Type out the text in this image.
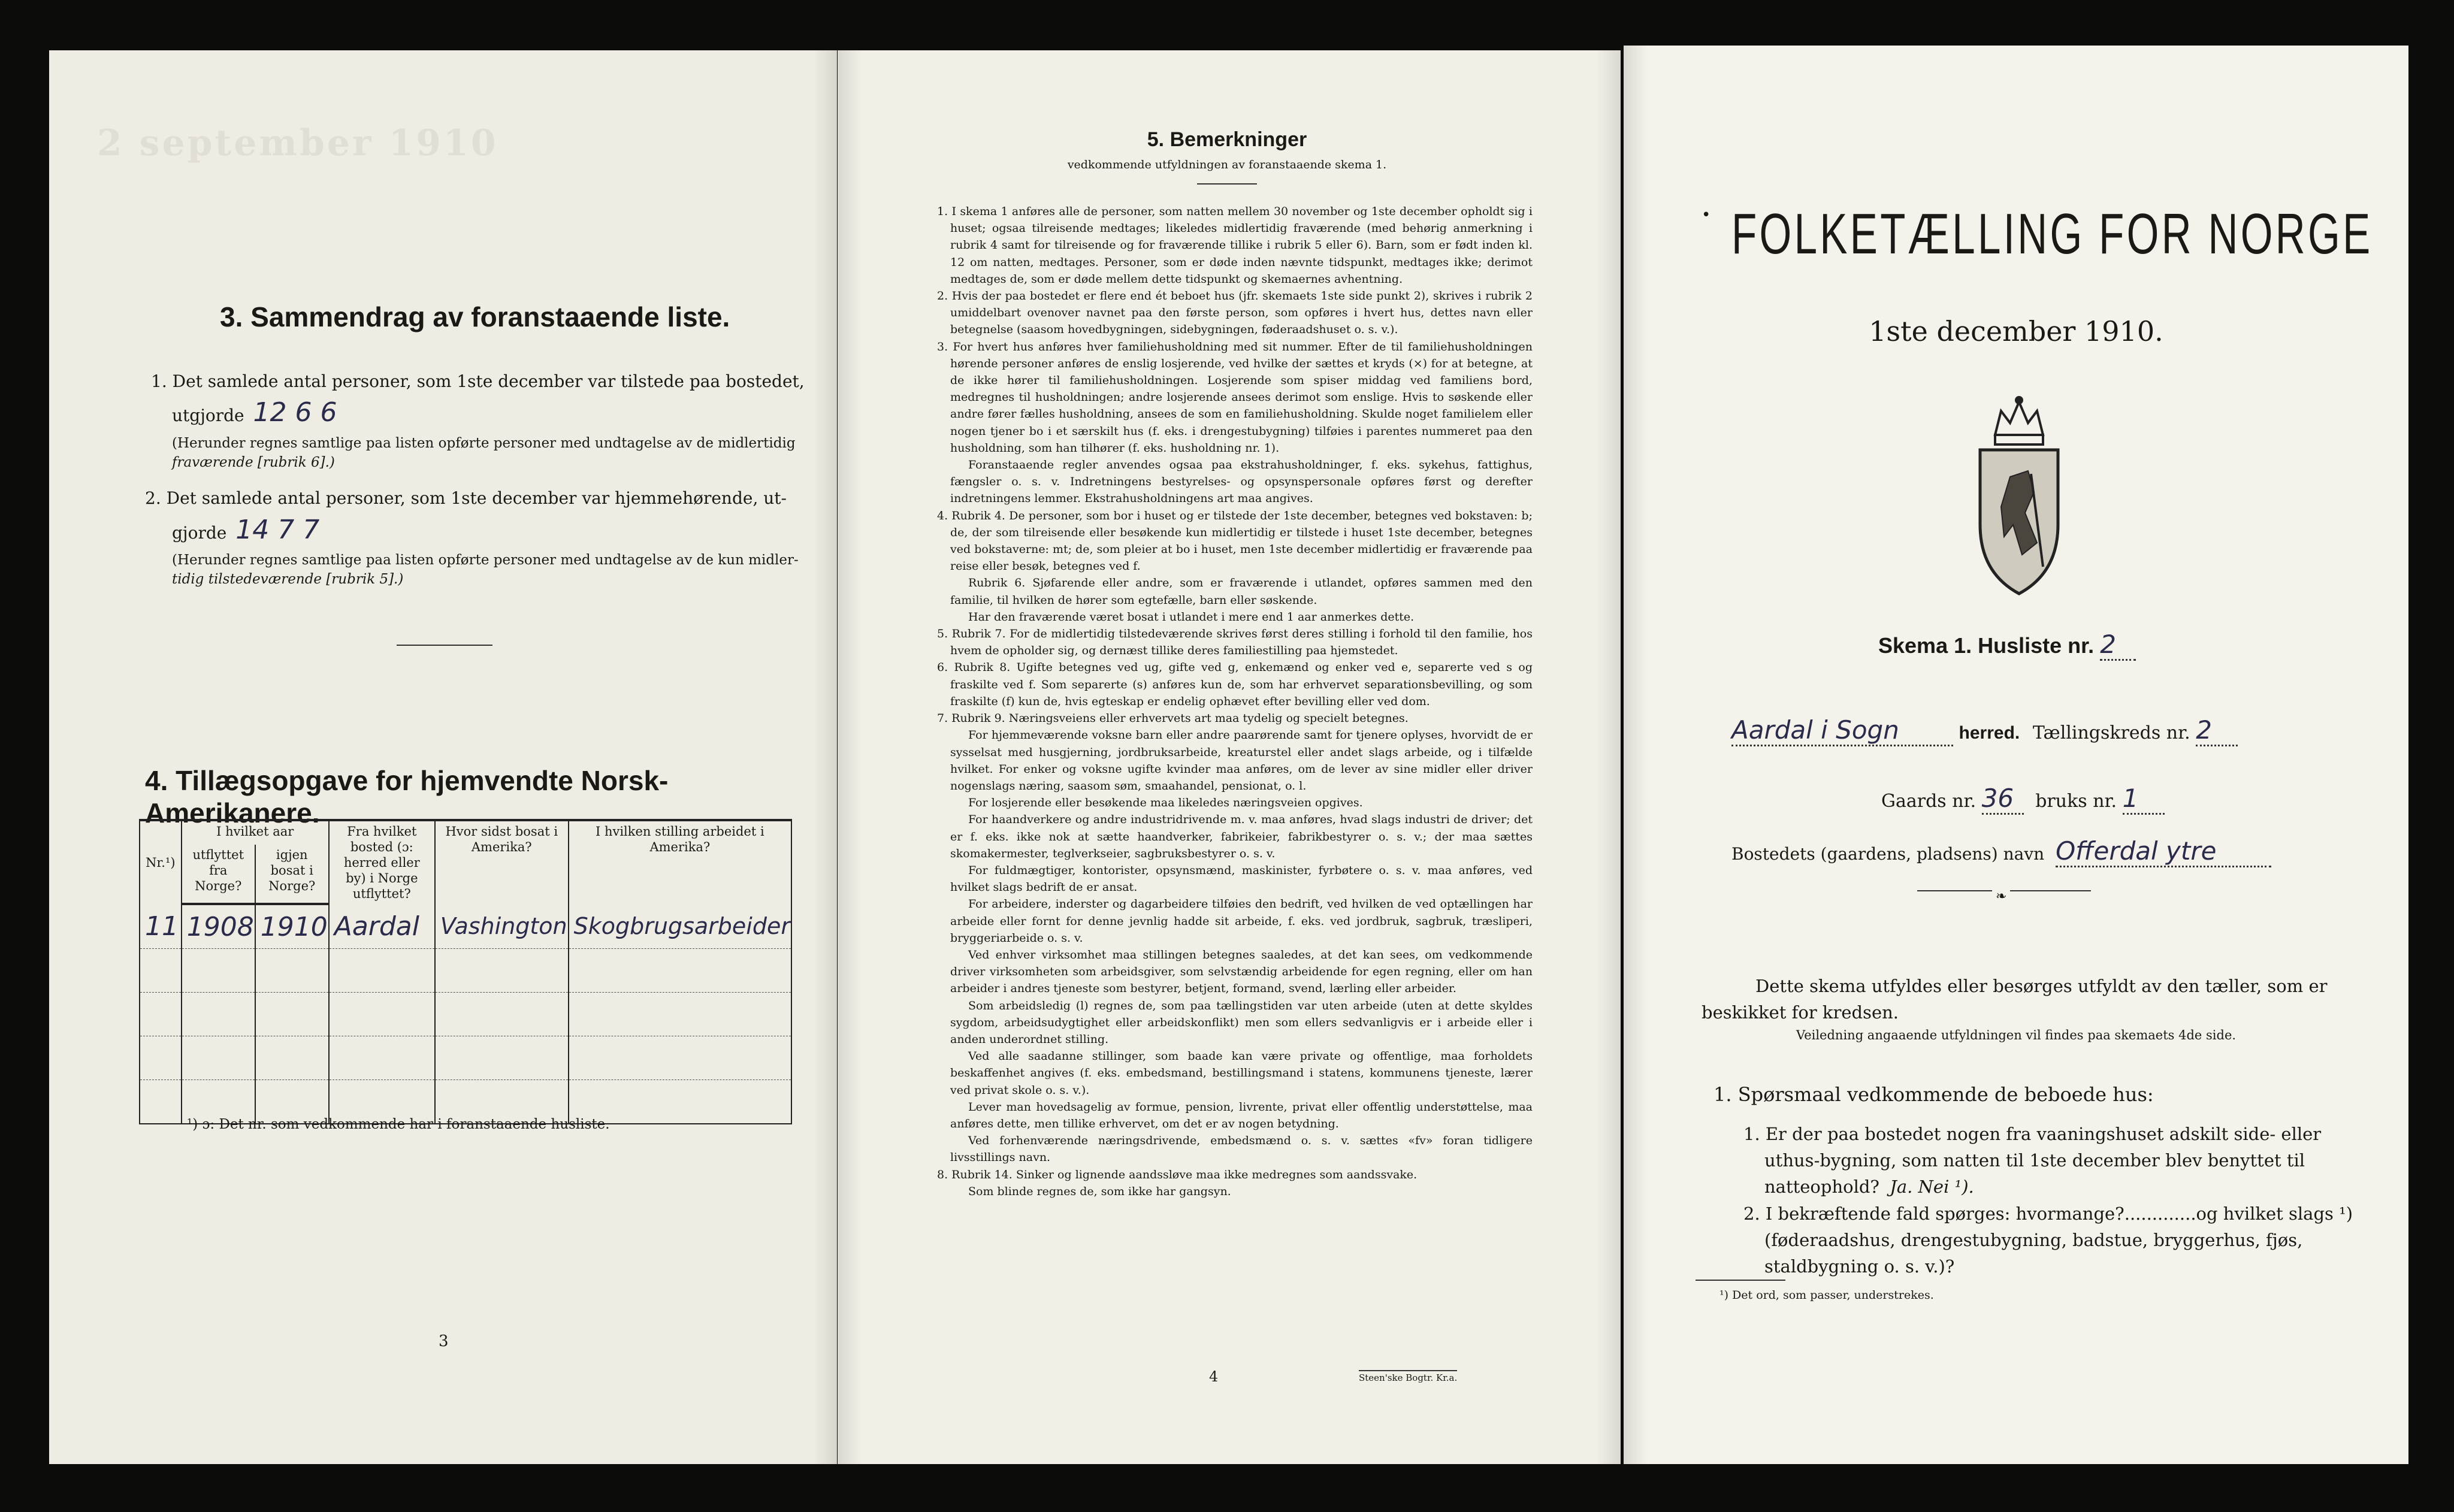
2 september 1910
3. Sammendrag av foranstaaende liste.
1. Det samlede antal personer, som 1ste december var tilstede paa bostedet,
utgjorde 12 6 6
(Herunder regnes samtlige paa listen opførte personer med undtagelse av de midlertidig
fraværende [rubrik 6].)
2. Det samlede antal personer, som 1ste december var hjemmehørende, ut-
gjorde 14 7 7
(Herunder regnes samtlige paa listen opførte personer med undtagelse av de kun midler-
tidig tilstedeværende [rubrik 5].)
4. Tillægsopgave for hjemvendte Norsk-Amerikanere.
Nr.¹)	I hvilket aar		Fra hvilket bosted (ɔ: herred eller by) i Norge utflyttet?	Hvor sidst bosat i Amerika?	I hvilken stilling arbeidet i Amerika?
	utflyttet fra Norge?	igjen bosat i Norge?			
11	1908	1910	Aardal	Vashington	Skogbrugsarbeider

¹) ɔ: Det nr. som vedkommende har i foranstaaende husliste.
3
5. Bemerkninger
vedkommende utfyldningen av foranstaaende skema 1.

1. I skema 1 anføres alle de personer, som natten mellem 30 november og 1ste december opholdt sig i huset; ogsaa tilreisende medtages; likeledes midlertidig fraværende (med behørig anmerkning i rubrik 4 samt for tilreisende og for fraværende tillike i rubrik 5 eller 6). Barn, som er født inden kl. 12 om natten, medtages. Personer, som er døde inden nævnte tidspunkt, medtages ikke; derimot medtages de, som er døde mellem dette tidspunkt og skemaernes avhentning.

2. Hvis der paa bostedet er flere end ét beboet hus (jfr. skemaets 1ste side punkt 2), skrives i rubrik 2 umiddelbart ovenover navnet paa den første person, som opføres i hvert hus, dettes navn eller betegnelse (saasom hovedbygningen, sidebygningen, føderaadshuset o. s. v.).

3. For hvert hus anføres hver familiehusholdning med sit nummer. Efter de til familiehusholdningen hørende personer anføres de enslig losjerende, ved hvilke der sættes et kryds (×) for at betegne, at de ikke hører til familiehusholdningen. Losjerende som spiser middag ved familiens bord, medregnes til husholdningen; andre losjerende ansees derimot som enslige. Hvis to søskende eller andre fører fælles husholdning, ansees de som en familiehusholdning. Skulde noget familielem eller nogen tjener bo i et særskilt hus (f. eks. i drengestubygning) tilføies i parentes nummeret paa den husholdning, som han tilhører (f. eks. husholdning nr. 1).

Foranstaaende regler anvendes ogsaa paa ekstrahusholdninger, f. eks. sykehus, fattighus, fængsler o. s. v. Indretningens bestyrelses- og opsynspersonale opføres først og derefter indretningens lemmer. Ekstrahusholdningens art maa angives.

4. Rubrik 4. De personer, som bor i huset og er tilstede der 1ste december, betegnes ved bokstaven: b; de, der som tilreisende eller besøkende kun midlertidig er tilstede i huset 1ste december, betegnes ved bokstaverne: mt; de, som pleier at bo i huset, men 1ste december midlertidig er fraværende paa reise eller besøk, betegnes ved f.

Rubrik 6. Sjøfarende eller andre, som er fraværende i utlandet, opføres sammen med den familie, til hvilken de hører som egtefælle, barn eller søskende.

Har den fraværende været bosat i utlandet i mere end 1 aar anmerkes dette.

5. Rubrik 7. For de midlertidig tilstedeværende skrives først deres stilling i forhold til den familie, hos hvem de opholder sig, og dernæst tillike deres familiestilling paa hjemstedet.

6. Rubrik 8. Ugifte betegnes ved ug, gifte ved g, enkemænd og enker ved e, separerte ved s og fraskilte ved f. Som separerte (s) anføres kun de, som har erhvervet separationsbevilling, og som fraskilte (f) kun de, hvis egteskap er endelig ophævet efter bevilling eller ved dom.

7. Rubrik 9. Næringsveiens eller erhvervets art maa tydelig og specielt betegnes.

For hjemmeværende voksne barn eller andre paarørende samt for tjenere oplyses, hvorvidt de er sysselsat med husgjerning, jordbruksarbeide, kreaturstel eller andet slags arbeide, og i tilfælde hvilket. For enker og voksne ugifte kvinder maa anføres, om de lever av sine midler eller driver nogenslags næring, saasom søm, smaahandel, pensionat, o. l.

For losjerende eller besøkende maa likeledes næringsveien opgives.

For haandverkere og andre industridrivende m. v. maa anføres, hvad slags industri de driver; det er f. eks. ikke nok at sætte haandverker, fabrikeier, fabrikbestyrer o. s. v.; der maa sættes skomakermester, teglverkseier, sagbruksbestyrer o. s. v.

For fuldmægtiger, kontorister, opsynsmænd, maskinister, fyrbøtere o. s. v. maa anføres, ved hvilket slags bedrift de er ansat.

For arbeidere, inderster og dagarbeidere tilføies den bedrift, ved hvilken de ved optællingen har arbeide eller fornt for denne jevnlig hadde sit arbeide, f. eks. ved jordbruk, sagbruk, træsliperi, bryggeriarbeide o. s. v.

Ved enhver virksomhet maa stillingen betegnes saaledes, at det kan sees, om vedkommende driver virksomheten som arbeidsgiver, som selvstændig arbeidende for egen regning, eller om han arbeider i andres tjeneste som bestyrer, betjent, formand, svend, lærling eller arbeider.

Som arbeidsledig (l) regnes de, som paa tællingstiden var uten arbeide (uten at dette skyldes sygdom, arbeidsudygtighet eller arbeidskonflikt) men som ellers sedvanligvis er i arbeide eller i anden underordnet stilling.

Ved alle saadanne stillinger, som baade kan være private og offentlige, maa forholdets beskaffenhet angives (f. eks. embedsmand, bestillingsmand i statens, kommunens tjeneste, lærer ved privat skole o. s. v.).

Lever man hovedsagelig av formue, pension, livrente, privat eller offentlig understøttelse, maa anføres dette, men tillike erhvervet, om det er av nogen betydning.

Ved forhenværende næringsdrivende, embedsmænd o. s. v. sættes «fv» foran tidligere livsstillings navn.

8. Rubrik 14. Sinker og lignende aandssløve maa ikke medregnes som aandssvake.

Som blinde regnes de, som ikke har gangsyn.

4	Steen'ske Bogtr. Kr.a.
• FOLKETÆLLING FOR NORGE
1ste december 1910.
Skema 1. Husliste nr. 2
Aardal i Sogn	herred. Tællingskreds nr. 2
Gaards nr. 36 bruks nr. 1
Bostedets (gaardens, pladsens) navn Offerdal ytre
❧
Dette skema utfyldes eller besørges utfyldt av den tæller, som er beskikket for kredsen.
Veiledning angaaende utfyldningen vil findes paa skemaets 4de side.
1. Spørsmaal vedkommende de beboede hus:
1. Er der paa bostedet nogen fra vaaningshuset adskilt side- eller uthus-bygning, som natten til 1ste december blev benyttet til natteophold? Ja. Nei ¹).
2. I bekræftende fald spørges: hvormange?.............og hvilket slags ¹) (føderaadshus, drengestubygning, badstue, bryggerhus, fjøs, staldbygning o. s. v.)?
¹) Det ord, som passer, understrekes.
